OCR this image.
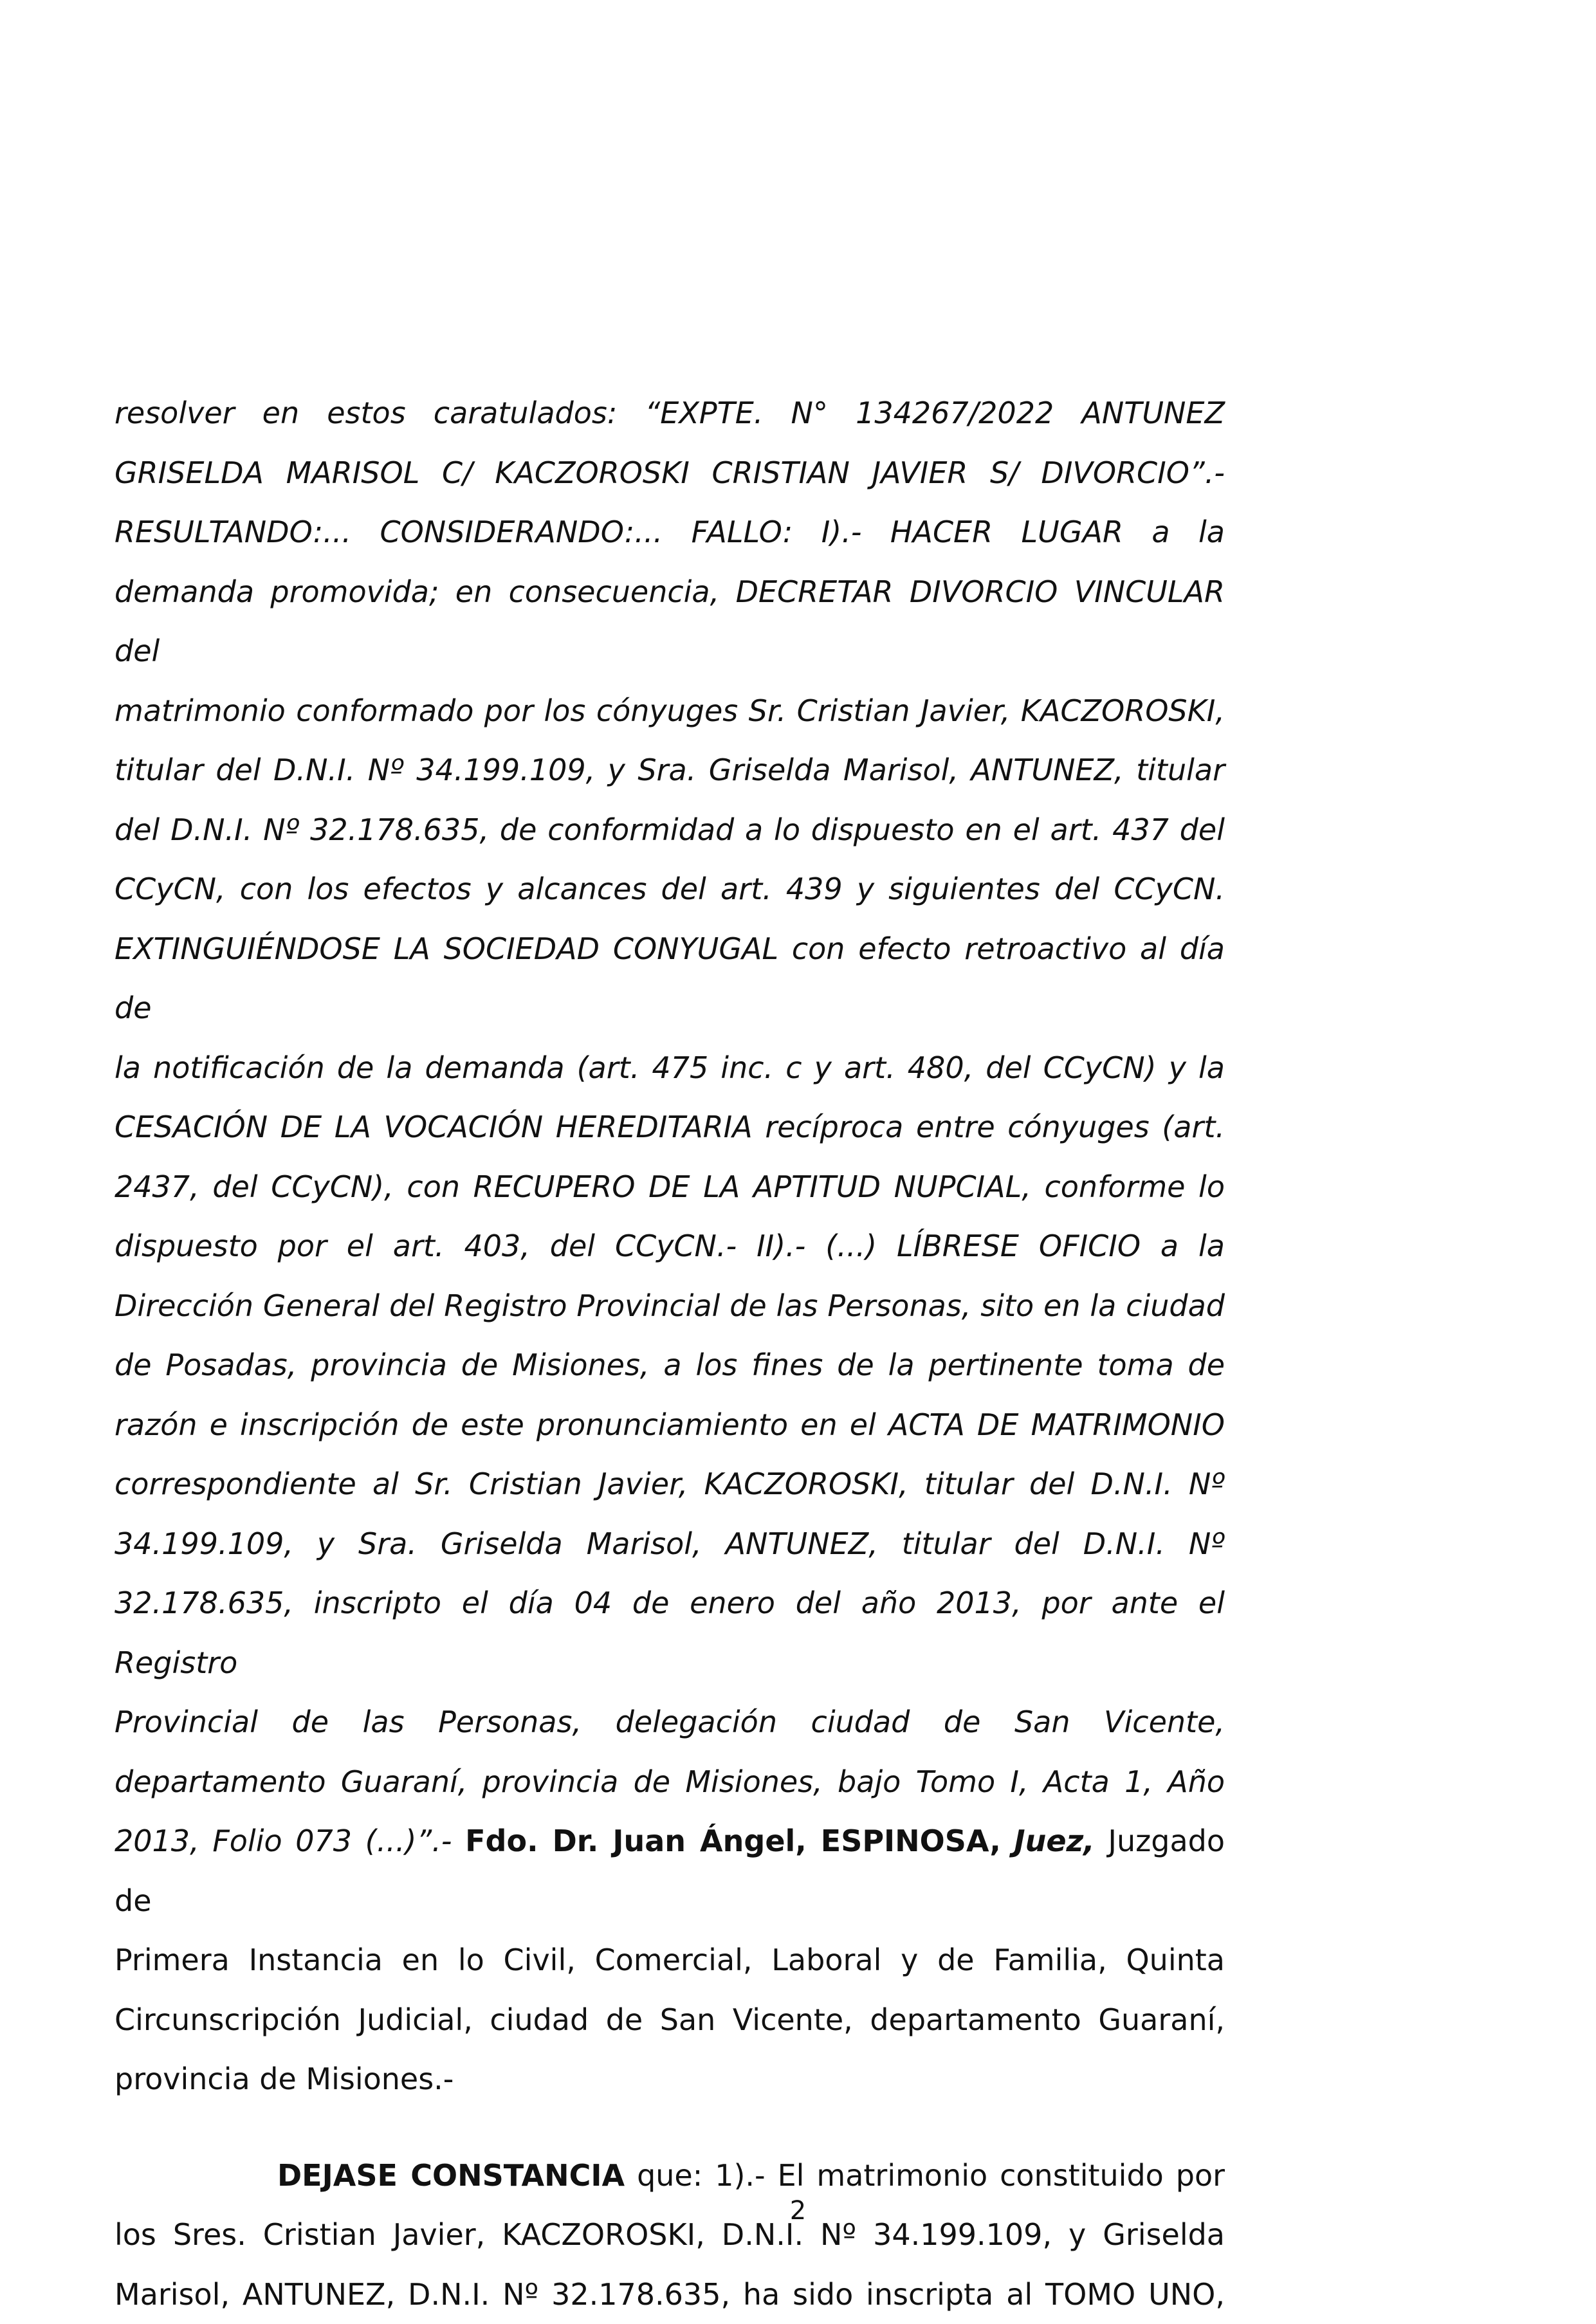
resolver en estos caratulados: “EXPTE. N° 134267/2022 ANTUNEZ
GRISELDA MARISOL C/ KACZOROSKI CRISTIAN JAVIER S/ DIVORCIO”.-
RESULTANDO:... CONSIDERANDO:... FALLO: I).- HACER LUGAR a la
demanda promovida; en consecuencia, DECRETAR DIVORCIO VINCULAR del
matrimonio conformado por los cónyuges Sr. Cristian Javier, KACZOROSKI,
titular del D.N.I. Nº 34.199.109, y Sra. Griselda Marisol, ANTUNEZ, titular
del D.N.I. Nº 32.178.635, de conformidad a lo dispuesto en el art. 437 del
CCyCN, con los efectos y alcances del art. 439 y siguientes del CCyCN.
EXTINGUIÉNDOSE LA SOCIEDAD CONYUGAL con efecto retroactivo al día de
la notificación de la demanda (art. 475 inc. c y art. 480, del CCyCN) y la
CESACIÓN DE LA VOCACIÓN HEREDITARIA recíproca entre cónyuges (art.
2437, del CCyCN), con RECUPERO DE LA APTITUD NUPCIAL, conforme lo
dispuesto por el art. 403, del CCyCN.- II).- (...) LÍBRESE OFICIO a la
Dirección General del Registro Provincial de las Personas, sito en la ciudad
de Posadas, provincia de Misiones, a los fines de la pertinente toma de
razón e inscripción de este pronunciamiento en el ACTA DE MATRIMONIO
correspondiente al Sr. Cristian Javier, KACZOROSKI, titular del D.N.I. Nº
34.199.109, y Sra. Griselda Marisol, ANTUNEZ, titular del D.N.I. Nº
32.178.635, inscripto el día 04 de enero del año 2013, por ante el Registro
Provincial de las Personas, delegación ciudad de San Vicente,
departamento Guaraní, provincia de Misiones, bajo Tomo I, Acta 1, Año
2013, Folio 073 (...)”.- Fdo. Dr. Juan Ángel, ESPINOSA, Juez, Juzgado de
Primera Instancia en lo Civil, Comercial, Laboral y de Familia, Quinta
Circunscripción Judicial, ciudad de San Vicente, departamento Guaraní,
provincia de Misiones.-
DEJASE CONSTANCIA que: 1).- El matrimonio constituido por
los Sres. Cristian Javier, KACZOROSKI, D.N.I. Nº 34.199.109, y Griselda
Marisol, ANTUNEZ, D.N.I. Nº 32.178.635, ha sido inscripta al TOMO UNO,
2
